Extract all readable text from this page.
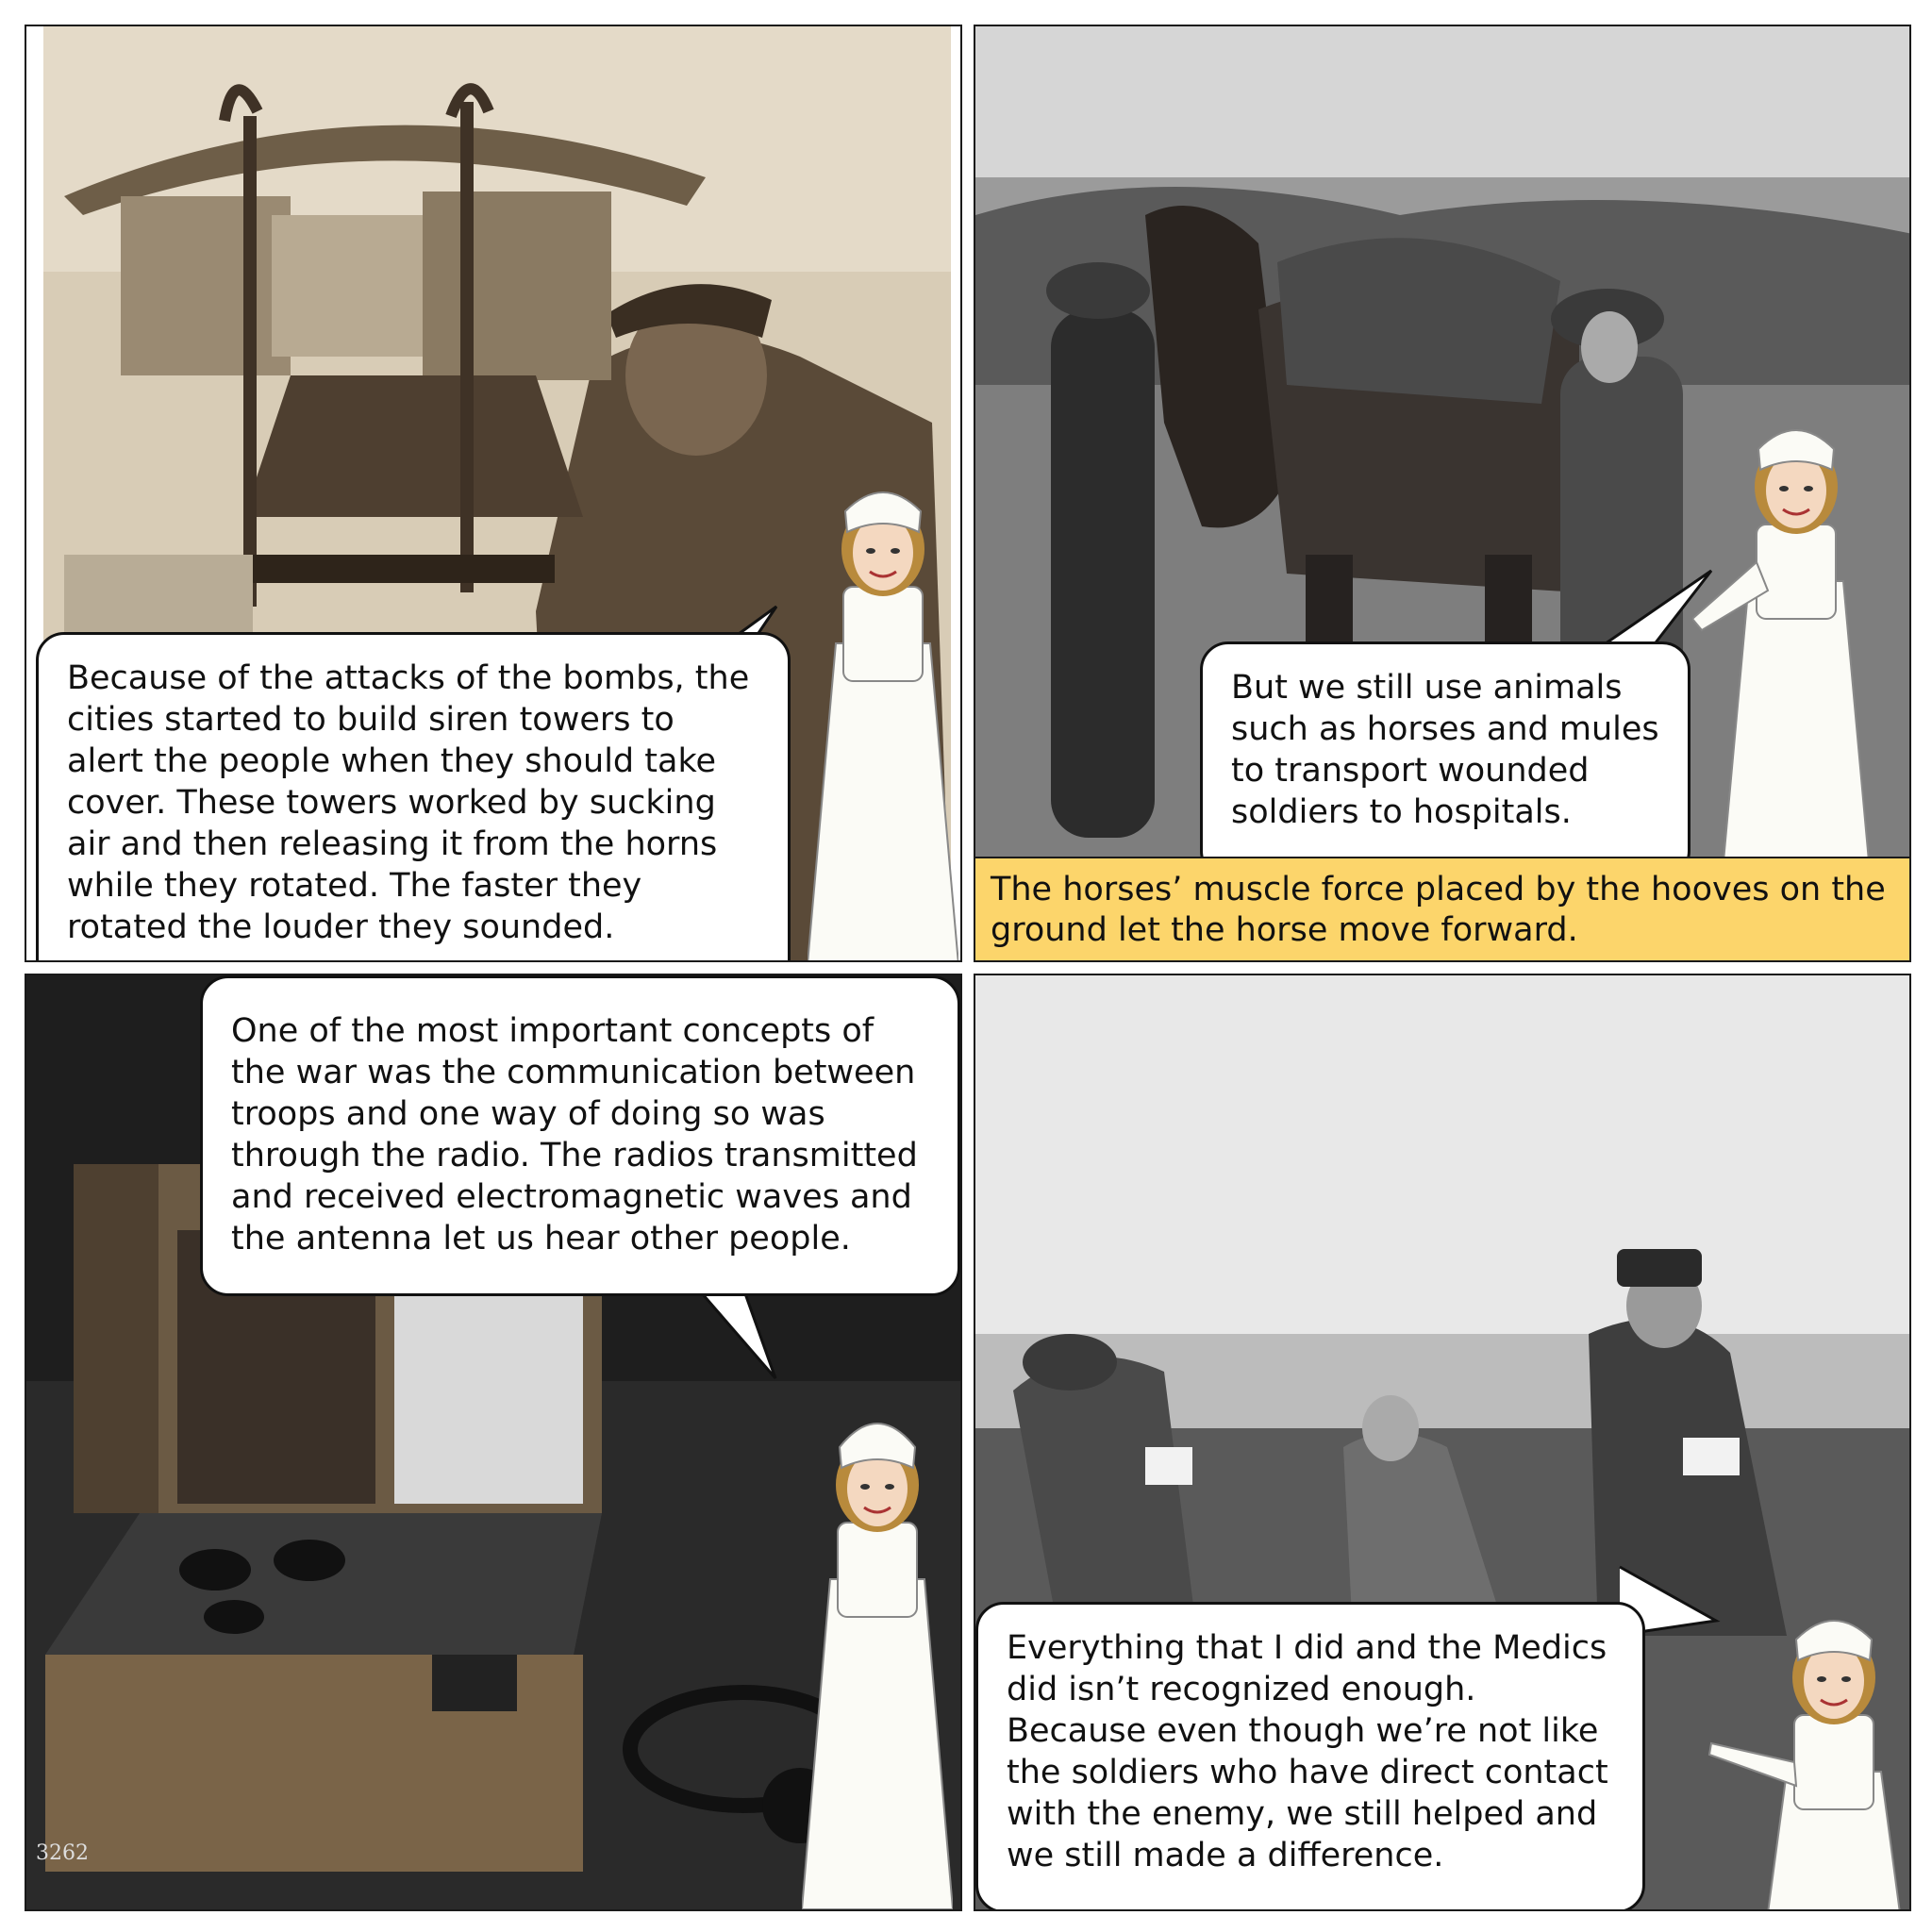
Because of the attacks of the bombs, the cities started to build siren towers to alert the people when they should take cover. These towers worked by sucking air and then releasing it from the horns while they rotated. The faster they rotated the louder they sounded.
But we still use animals such as horses and mules to transport wounded soldiers to hospitals.
The horses’ muscle force placed by the hooves on the ground let the horse move forward.
3262
One of the most important concepts of the war was the communication between troops and one way of doing so was through the radio. The radios transmitted and received electromagnetic waves and the antenna let us hear other people.
Everything that I did and the Medics did isn’t recognized enough. Because even though we’re not like the soldiers who have direct contact with the enemy, we still helped and we still made a difference.
